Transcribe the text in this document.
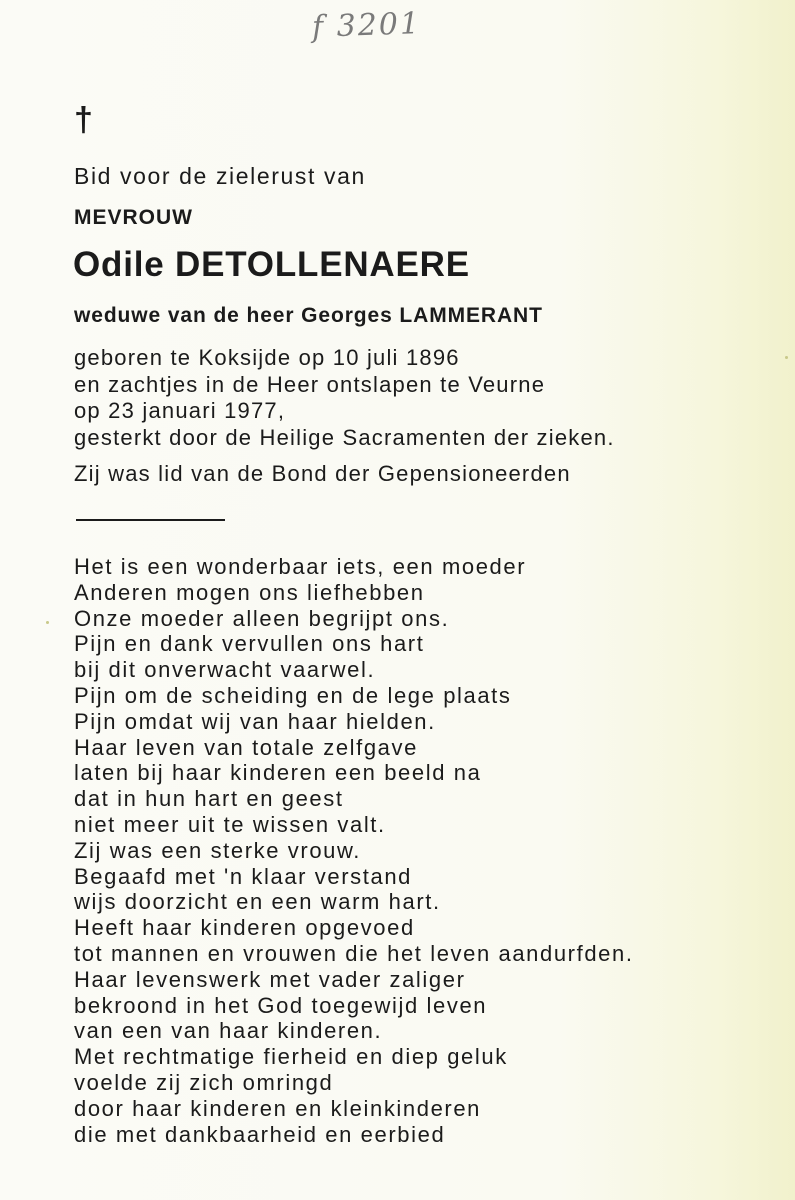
f 3201
†
Bid voor de zielerust van
MEVROUW
Odile DETOLLENAERE
weduwe van de heer Georges LAMMERANT
geboren te Koksijde op 10 juli 1896
en zachtjes in de Heer ontslapen te Veurne
op 23 januari 1977,
gesterkt door de Heilige Sacramenten der zieken.
Zij was lid van de Bond der Gepensioneerden
Het is een wonderbaar iets, een moeder
Anderen mogen ons liefhebben
Onze moeder alleen begrijpt ons.
Pijn en dank vervullen ons hart
bij dit onverwacht vaarwel.
Pijn om de scheiding en de lege plaats
Pijn omdat wij van haar hielden.
Haar leven van totale zelfgave
laten bij haar kinderen een beeld na
dat in hun hart en geest
niet meer uit te wissen valt.
Zij was een sterke vrouw.
Begaafd met 'n klaar verstand
wijs doorzicht en een warm hart.
Heeft haar kinderen opgevoed
tot mannen en vrouwen die het leven aandurfden.
Haar levenswerk met vader zaliger
bekroond in het God toegewijd leven
van een van haar kinderen.
Met rechtmatige fierheid en diep geluk
voelde zij zich omringd
door haar kinderen en kleinkinderen
die met dankbaarheid en eerbied
